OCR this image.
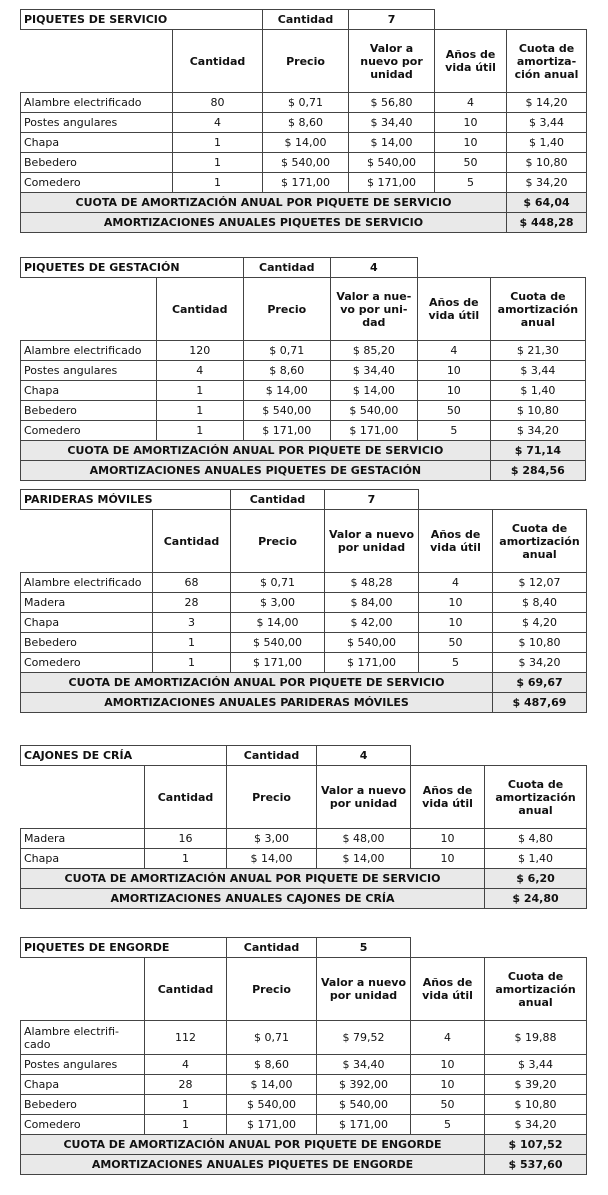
PIQUETES DE SERVICIO		Cantidad	7		
	Cantidad	Precio	Valor a nuevo por unidad	Años de vida útil	Cuota de amortiza-ción anual
Alambre electrificado	80	$ 0,71	$ 56,80	4	$ 14,20
Postes angulares	4	$ 8,60	$ 34,40	10	$ 3,44
Chapa	1	$ 14,00	$ 14,00	10	$ 1,40
Bebedero	1	$ 540,00	$ 540,00	50	$ 10,80
Comedero	1	$ 171,00	$ 171,00	5	$ 34,20
CUOTA DE AMORTIZACIÓN ANUAL POR PIQUETE DE SERVICIO					$ 64,04
AMORTIZACIONES ANUALES PIQUETES DE SERVICIO					$ 448,28
PIQUETES DE GESTACIÓN		Cantidad	4		
	Cantidad	Precio	Valor a nue-vo por uni-dad	Años de vida útil	Cuota de amortización anual
Alambre electrificado	120	$ 0,71	$ 85,20	4	$ 21,30
Postes angulares	4	$ 8,60	$ 34,40	10	$ 3,44
Chapa	1	$ 14,00	$ 14,00	10	$ 1,40
Bebedero	1	$ 540,00	$ 540,00	50	$ 10,80
Comedero	1	$ 171,00	$ 171,00	5	$ 34,20
CUOTA DE AMORTIZACIÓN ANUAL POR PIQUETE DE SERVICIO					$ 71,14
AMORTIZACIONES ANUALES PIQUETES DE GESTACIÓN					$ 284,56
PARIDERAS MÓVILES		Cantidad	7		
	Cantidad	Precio	Valor a nuevo por unidad	Años de vida útil	Cuota de amortización anual
Alambre electrificado	68	$ 0,71	$ 48,28	4	$ 12,07
Madera	28	$ 3,00	$ 84,00	10	$ 8,40
Chapa	3	$ 14,00	$ 42,00	10	$ 4,20
Bebedero	1	$ 540,00	$ 540,00	50	$ 10,80
Comedero	1	$ 171,00	$ 171,00	5	$ 34,20
CUOTA DE AMORTIZACIÓN ANUAL POR PIQUETE DE SERVICIO					$ 69,67
AMORTIZACIONES ANUALES PARIDERAS MÓVILES					$ 487,69
CAJONES DE CRÍA		Cantidad	4		
	Cantidad	Precio	Valor a nuevo por unidad	Años de vida útil	Cuota de amortización anual
Madera	16	$ 3,00	$ 48,00	10	$ 4,80
Chapa	1	$ 14,00	$ 14,00	10	$ 1,40
CUOTA DE AMORTIZACIÓN ANUAL POR PIQUETE DE SERVICIO					$ 6,20
AMORTIZACIONES ANUALES CAJONES DE CRÍA					$ 24,80
PIQUETES DE ENGORDE		Cantidad	5		
	Cantidad	Precio	Valor a nuevo por unidad	Años de vida útil	Cuota de amortización anual
Alambre electrifi-cado	112	$ 0,71	$ 79,52	4	$ 19,88
Postes angulares	4	$ 8,60	$ 34,40	10	$ 3,44
Chapa	28	$ 14,00	$ 392,00	10	$ 39,20
Bebedero	1	$ 540,00	$ 540,00	50	$ 10,80
Comedero	1	$ 171,00	$ 171,00	5	$ 34,20
CUOTA DE AMORTIZACIÓN ANUAL POR PIQUETE DE ENGORDE					$ 107,52
AMORTIZACIONES ANUALES PIQUETES DE ENGORDE					$ 537,60
